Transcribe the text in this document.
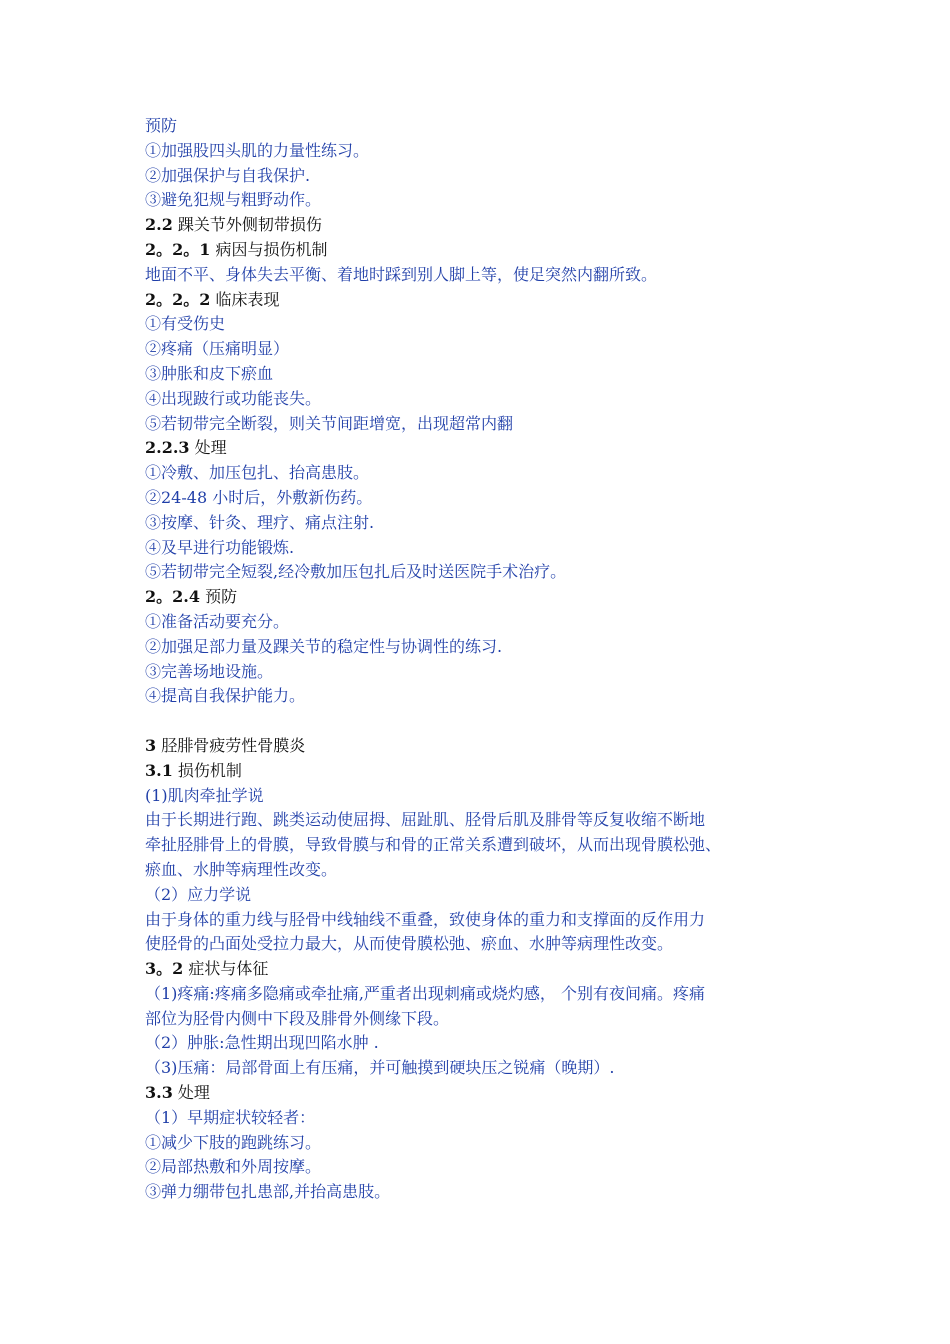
预防
①加强股四头肌的力量性练习。
②加强保护与自我保护.
③避免犯规与粗野动作。
2.2 踝关节外侧韧带损伤
2。2。1 病因与损伤机制
地面不平、身体失去平衡、着地时踩到别人脚上等，使足突然内翻所致。
2。2。2 临床表现
①有受伤史
②疼痛（压痛明显）
③肿胀和皮下瘀血
④出现跛行或功能丧失。
⑤若韧带完全断裂，则关节间距增宽，出现超常内翻
2.2.3 处理
①冷敷、加压包扎、抬高患肢。
②24-48 小时后，外敷新伤药。
③按摩、针灸、理疗、痛点注射.
④及早进行功能锻炼.
⑤若韧带完全短裂,经冷敷加压包扎后及时送医院手术治疗。
2。2.4 预防
①准备活动要充分。
②加强足部力量及踝关节的稳定性与协调性的练习.
③完善场地设施。
④提高自我保护能力。
3 胫腓骨疲劳性骨膜炎
3.1 损伤机制
(1)肌肉牵扯学说
由于长期进行跑、跳类运动使屈拇、屈趾肌、胫骨后肌及腓骨等反复收缩不断地
牵扯胫腓骨上的骨膜，导致骨膜与和骨的正常关系遭到破坏，从而出现骨膜松弛、
瘀血、水肿等病理性改变。
（2）应力学说
由于身体的重力线与胫骨中线轴线不重叠，致使身体的重力和支撑面的反作用力
使胫骨的凸面处受拉力最大，从而使骨膜松弛、瘀血、水肿等病理性改变。
3。2 症状与体征
（1)疼痛:疼痛多隐痛或牵扯痛,严重者出现刺痛或烧灼感， 个别有夜间痛。疼痛
部位为胫骨内侧中下段及腓骨外侧缘下段。
（2）肿胀:急性期出现凹陷水肿 .
（3)压痛：局部骨面上有压痛，并可触摸到硬块压之锐痛（晚期）.
3.3 处理
（1）早期症状较轻者：
①减少下肢的跑跳练习。
②局部热敷和外周按摩。
③弹力绷带包扎患部,并抬高患肢。
